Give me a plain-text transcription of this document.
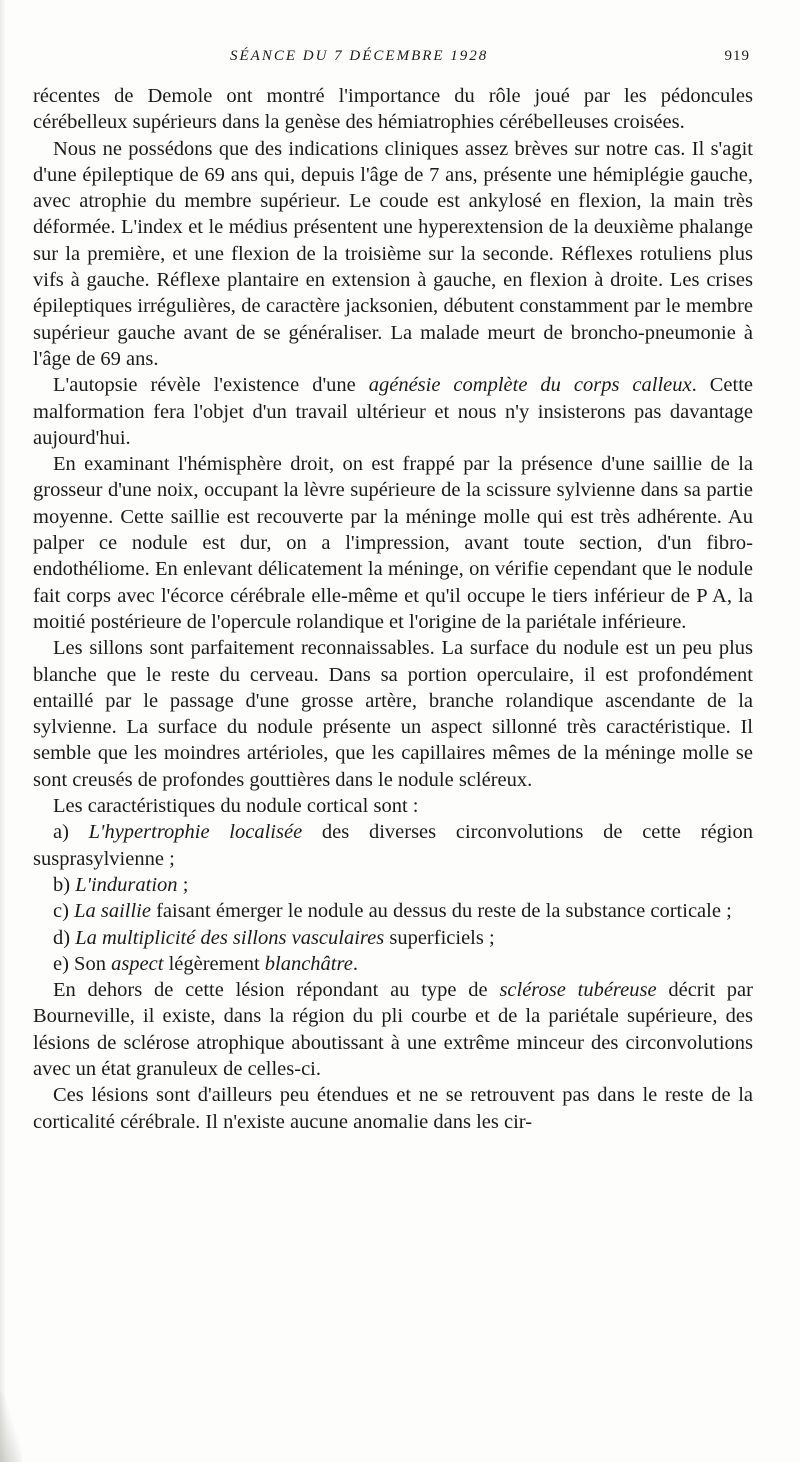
SÉANCE DU 7 DÉCEMBRE 1928	919

récentes de Demole ont montré l'importance du rôle joué par les pédoncules cérébelleux supérieurs dans la genèse des hémiatrophies cérébelleuses croisées.

Nous ne possédons que des indications cliniques assez brèves sur notre cas. Il s'agit d'une épileptique de 69 ans qui, depuis l'âge de 7 ans, présente une hémiplégie gauche, avec atrophie du membre supérieur. Le coude est ankylosé en flexion, la main très déformée. L'index et le médius présentent une hyperextension de la deuxième phalange sur la première, et une flexion de la troisième sur la seconde. Réflexes rotuliens plus vifs à gauche. Réflexe plantaire en extension à gauche, en flexion à droite. Les crises épileptiques irrégulières, de caractère jacksonien, débutent constamment par le membre supérieur gauche avant de se généraliser. La malade meurt de broncho-pneumonie à l'âge de 69 ans.

L'autopsie révèle l'existence d'une agénésie complète du corps calleux. Cette malformation fera l'objet d'un travail ultérieur et nous n'y insisterons pas davantage aujourd'hui.

En examinant l'hémisphère droit, on est frappé par la présence d'une saillie de la grosseur d'une noix, occupant la lèvre supérieure de la scissure sylvienne dans sa partie moyenne. Cette saillie est recouverte par la méninge molle qui est très adhérente. Au palper ce nodule est dur, on a l'impression, avant toute section, d'un fibro-endothéliome. En enlevant délicatement la méninge, on vérifie cependant que le nodule fait corps avec l'écorce cérébrale elle-même et qu'il occupe le tiers inférieur de P A, la moitié postérieure de l'opercule rolandique et l'origine de la pariétale inférieure.

Les sillons sont parfaitement reconnaissables. La surface du nodule est un peu plus blanche que le reste du cerveau. Dans sa portion operculaire, il est profondément entaillé par le passage d'une grosse artère, branche rolandique ascendante de la sylvienne. La surface du nodule présente un aspect sillonné très caractéristique. Il semble que les moindres artérioles, que les capillaires mêmes de la méninge molle se sont creusés de profondes gouttières dans le nodule scléreux.

Les caractéristiques du nodule cortical sont :

a) L'hypertrophie localisée des diverses circonvolutions de cette région susprasylvienne ;

b) L'induration ;

c) La saillie faisant émerger le nodule au dessus du reste de la substance corticale ;

d) La multiplicité des sillons vasculaires superficiels ;

e) Son aspect légèrement blanchâtre.

En dehors de cette lésion répondant au type de sclérose tubéreuse décrit par Bourneville, il existe, dans la région du pli courbe et de la pariétale supérieure, des lésions de sclérose atrophique aboutissant à une extrême minceur des circonvolutions avec un état granuleux de celles-ci.

Ces lésions sont d'ailleurs peu étendues et ne se retrouvent pas dans le reste de la corticalité cérébrale. Il n'existe aucune anomalie dans les cir-
